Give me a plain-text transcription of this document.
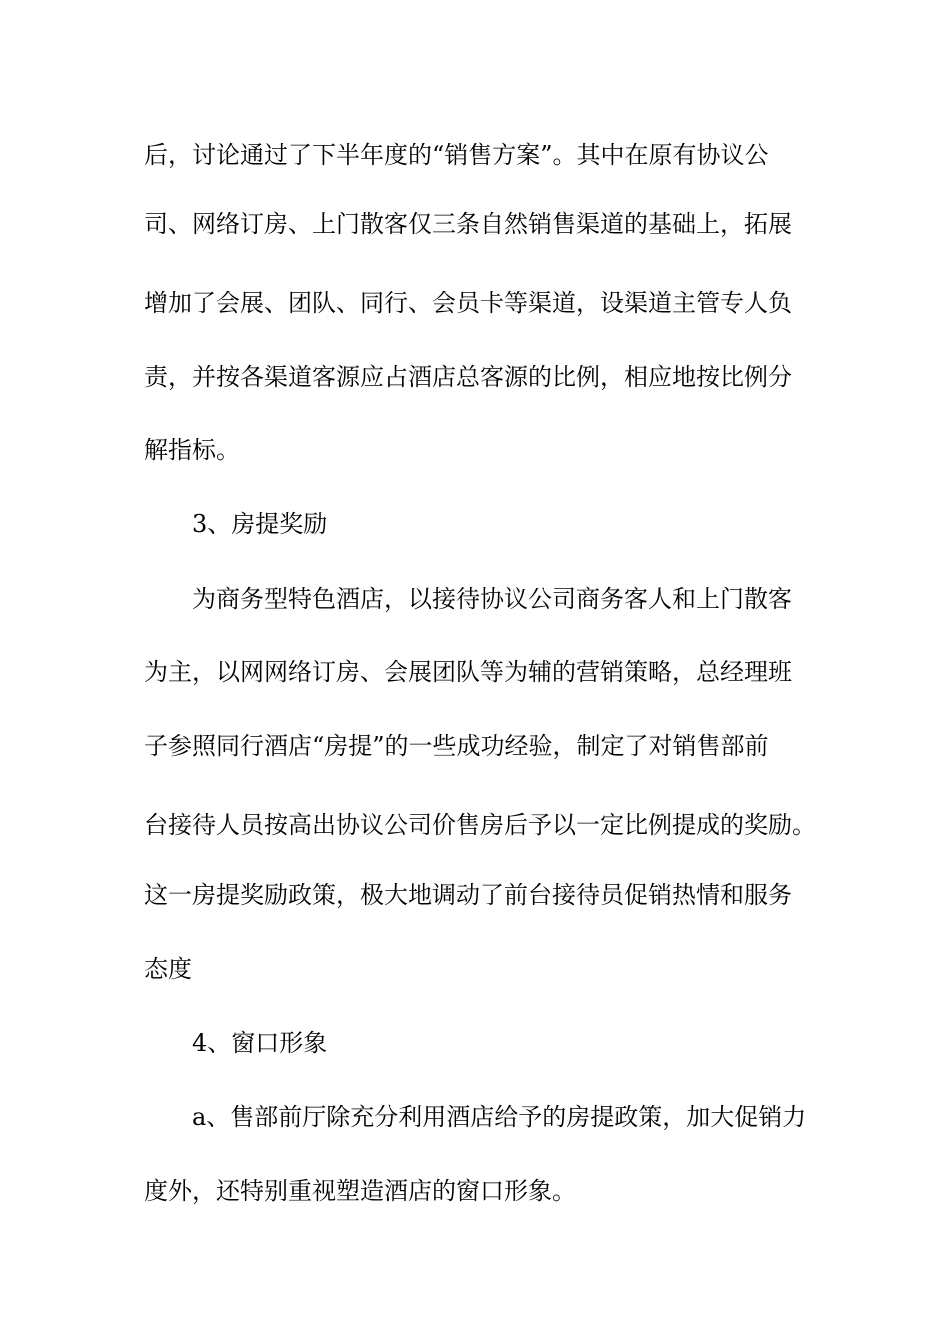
后，讨论通过了下半年度的“销售方案”。其中在原有协议公
司、网络订房、上门散客仅三条自然销售渠道的基础上，拓展
增加了会展、团队、同行、会员卡等渠道，设渠道主管专人负
责，并按各渠道客源应占酒店总客源的比例，相应地按比例分
解指标。
3、房提奖励
为商务型特色酒店，以接待协议公司商务客人和上门散客
为主，以网网络订房、会展团队等为辅的营销策略，总经理班
子参照同行酒店“房提”的一些成功经验，制定了对销售部前
台接待人员按高出协议公司价售房后予以一定比例提成的奖励。
这一房提奖励政策，极大地调动了前台接待员促销热情和服务
态度
4、窗口形象
a、售部前厅除充分利用酒店给予的房提政策，加大促销力
度外，还特别重视塑造酒店的窗口形象。
